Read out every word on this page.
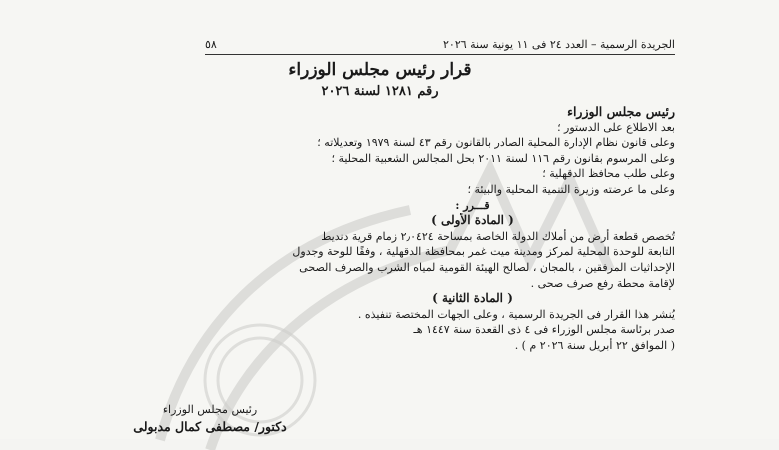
الجريدة الرسمية – العدد ٢٤ فى ١١ يونية سنة ٢٠٢٦
٥٨
قرار رئيس مجلس الوزراء
رقم ١٢٨١ لسنة ٢٠٢٦
رئيس مجلس الوزراء
بعد الاطلاع على الدستور ؛
وعلى قانون نظام الإدارة المحلية الصادر بالقانون رقم ٤٣ لسنة ١٩٧٩ وتعديلاته ؛
وعلى المرسوم بقانون رقم ١١٦ لسنة ٢٠١١ بحل المجالس الشعبية المحلية ؛
وعلى طلب محافظ الدقهلية ؛
وعلى ما عرضته وزيرة التنمية المحلية والبيئة ؛
قـــرر :
( المادة الأولى )
تُخصص قطعة أرض من أملاك الدولة الخاصة بمساحة ٢٫٠٤٢٤ زمام قرية دنديط
التابعة للوحدة المحلية لمركز ومدينة ميت غمر بمحافظة الدقهلية ، وفقًا للوحة وجدول
الإحداثيات المرفقين ، بالمجان ، لصالح الهيئة القومية لمياه الشرب والصرف الصحى
لإقامة محطة رفع صرف صحى .
( المادة الثانية )
يُنشر هذا القرار فى الجريدة الرسمية ، وعلى الجهات المختصة تنفيذه .
صدر برئاسة مجلس الوزراء فى ٤ ذى القعدة سنة ١٤٤٧ هـ
( الموافق ٢٢ أبريل سنة ٢٠٢٦ م ) .
رئيس مجلس الوزراء
دكتور/ مصطفى كمال مدبولى
